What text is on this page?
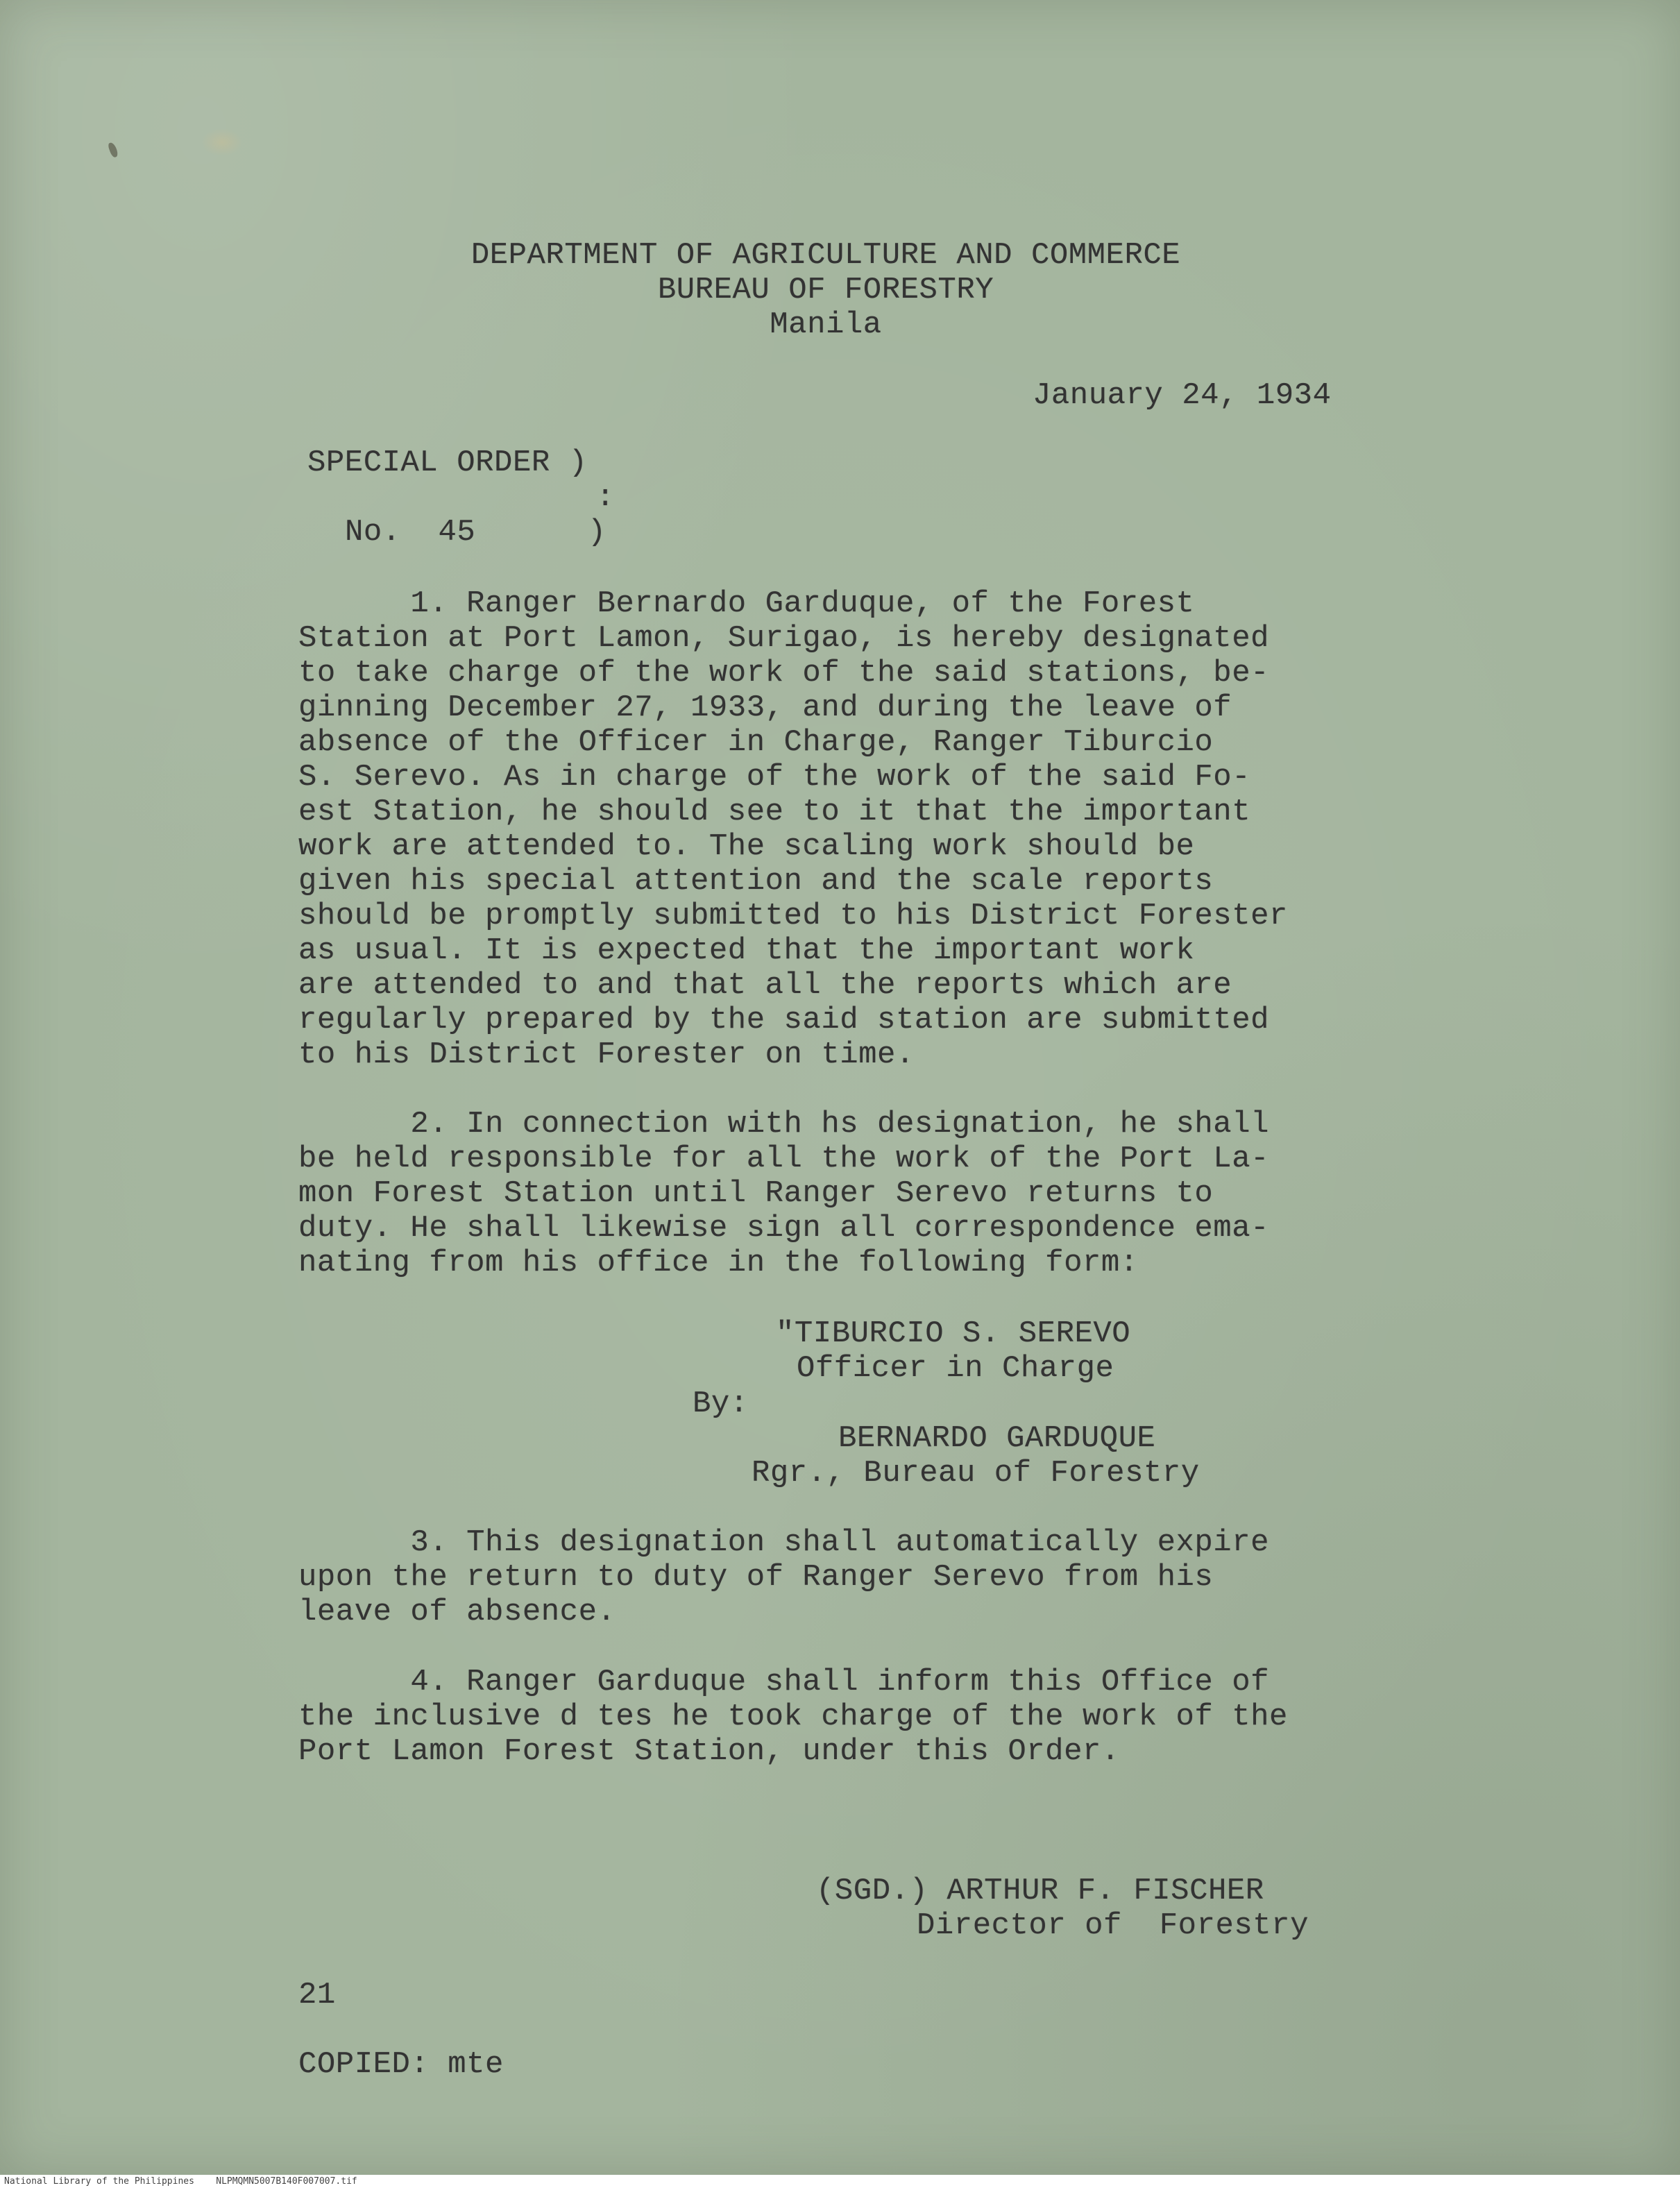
DEPARTMENT OF AGRICULTURE AND COMMERCE
BUREAU OF FORESTRY
Manila
January 24, 1934
SPECIAL ORDER )
:
No.  45      )
1. Ranger Bernardo Garduque, of the Forest
Station at Port Lamon, Surigao, is hereby designated
to take charge of the work of the said stations, be-
ginning December 27, 1933, and during the leave of
absence of the Officer in Charge, Ranger Tiburcio
S. Serevo. As in charge of the work of the said Fo-
est Station, he should see to it that the important
work are attended to. The scaling work should be
given his special attention and the scale reports
should be promptly submitted to his District Forester
as usual. It is expected that the important work
are attended to and that all the reports which are
regularly prepared by the said station are submitted
to his District Forester on time.
2. In connection with hs designation, he shall
be held responsible for all the work of the Port La-
mon Forest Station until Ranger Serevo returns to
duty. He shall likewise sign all correspondence ema-
nating from his office in the following form:
"TIBURCIO S. SEREVO
Officer in Charge
By:
BERNARDO GARDUQUE
Rgr., Bureau of Forestry
3. This designation shall automatically expire
upon the return to duty of Ranger Serevo from his
leave of absence.
4. Ranger Garduque shall inform this Office of
the inclusive d tes he took charge of the work of the
Port Lamon Forest Station, under this Order.
(SGD.) ARTHUR F. FISCHER
Director of  Forestry
21
COPIED: mte
National Library of the Philippines    NLPMQMN5007B140F007007.tif
